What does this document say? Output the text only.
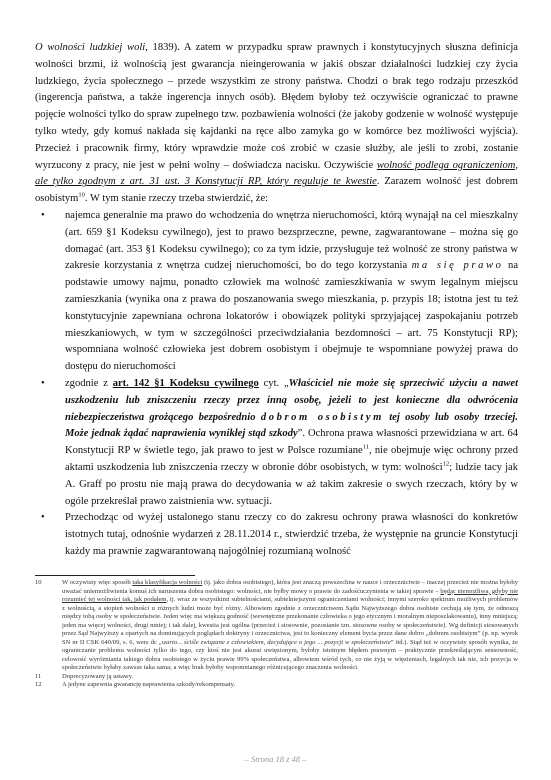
O wolności ludzkiej woli, 1839). A zatem w przypadku spraw prawnych i konstytucyjnych słuszna definicja wolności brzmi, iż wolnością jest gwarancja nieingerowania w jakiś obszar działalności ludzkiej czy życia ludzkiego, życia społecznego – przede wszystkim ze strony państwa. Chodzi o brak tego rodzaju przeszkód (ingerencja państwa, a także ingerencja innych osób). Błędem byłoby też oczywiście ograniczać to prawne pojęcie wolności tylko do spraw zupełnego tzw. pozbawienia wolności (że jakoby godzenie w wolność występuje tylko wtedy, gdy komuś nakłada się kajdanki na ręce albo zamyka go w komórce bez możliwości wyjścia). Przecież i pracownik firmy, który wprawdzie może coś zrobić w czasie służby, ale jeśli to zrobi, zostanie wyrzucony z pracy, nie jest w pełni wolny – doświadcza nacisku. Oczywiście wolność podlega ograniczeniom, ale tylko zgodnym z art. 31 ust. 3 Konstytucji RP, który reguluje te kwestie. Zarazem wolność jest dobrem osobistym$^{10}$. W tym stanie rzeczy trzeba stwierdzić, że:

• najemca generalnie ma prawo do wchodzenia do wnętrza nieruchomości, którą wynajął na cel mieszkalny (art. 659 §1 Kodeksu cywilnego), jest to prawo bezsprzeczne, pewne, zagwarantowane – można się go domagać (art. 353 §1 Kodeksu cywilnego); co za tym idzie, przysługuje też wolność ze strony państwa w zakresie korzystania z wnętrza cudzej nieruchomości, bo do tego korzystania ma się prawo na podstawie umowy najmu, ponadto człowiek ma wolność zamieszkiwania w swym legalnym miejscu zamieszkania (wynika ona z prawa do poszanowania swego mieszkania, p. przypis 18; istotna jest tu też konstytucyjnie zapewniana ochrona lokatorów i obowiązek polityki sprzyjającej zaspokajaniu potrzeb mieszkaniowych, w tym w szczególności przeciwdziałania bezdomności – art. 75 Konstytucji RP); wspomniana wolność człowieka jest dobrem osobistym i obejmuje te wspomniane powyżej prawa do dostępu do nieruchomości
• zgodnie z art. 142 §1 Kodeksu cywilnego cyt. „Właściciel nie może się sprzeciwić użyciu a nawet uszkodzeniu lub zniszczeniu rzeczy przez inną osobę, jeżeli to jest konieczne dla odwrócenia niebezpieczeństwa grożącego bezpośrednio dobrom osobistym tej osoby lub osoby trzeciej. Może jednak żądać naprawienia wynikłej stąd szkody”. Ochrona prawa własności przewidziana w art. 64 Konstytucji RP w świetle tego, jak prawo to jest w Polsce rozumiane$^{11}$, nie obejmuje więc ochrony przed aktami uszkodzenia lub zniszczenia rzeczy w obronie dóbr osobistych, w tym: wolności$^{12}$; ludzie tacy jak A. Graff po prostu nie mają prawa do decydowania w aż takim zakresie o swych rzeczach, który by w ogóle przekreślał prawo zaistnienia ww. sytuacji.
• Przechodząc od wyżej ustalonego stanu rzeczy co do zakresu ochrony prawa własności do konkretów istotnych tutaj, odnośnie wydarzeń z 28.11.2014 r., stwierdzić trzeba, że występnie na gruncie Konstytucji każdy ma prawnie zagwarantowaną najogólniej rozumianą wolność
10	W oczywisty więc sposób taka klasyfikacja wolności (tj. jako dobra osobistego), która jest znaczą powszechna w nauce i orzecznictwie – inaczej przecież nie można byłoby uważać uniemożliwienia komuś ich naruszenia dobra osobistego: wolności, nie byłby mowy o prawie do zadośćuczynienia w takiej sprawie – będąc niemożliwa, gdyby nie rozumieć tej wolności tak, jak podałem, tj. wraz ze wszystkimi subtelnościami, subtelniejszymi ograniczeniami wolności; innymi szeroko spektrum możliwych problemów z wolnością, a stopień wolności u różnych ludzi może być różny. Albowiem zgodnie z orzecznictwem Sądu Najwyższego dobra osobiste cechują się tym, że odnoszą między tobą osoby w społeczeństwie. Jeden więc ma większą godność (wewnętrzne przekonanie człowieka o jego etycznym i moralnym nieposzlakowaniu), inny mniejszą; jeden ma więcej wolności, drugi mniej; i tak dalej, kwestia jest ogólna (przecież i stosownie, pozostanie tzn. stosowne osoby w społeczeństwie). Wg definicji stosowanych przez Sąd Najwyższy a opartych na dominujących poglądach doktryny i orzecznictwa, jest to konieczny element bycia przez dane dobro „dobrem osobistym” (p. np. wyrok SN nr II CSK 640/09, s. 6, wers dc „warto... ściśle związane z człowiekiem, decydujące o jego ... pozycji w społeczeństwie” itd.). Stąd też w oczywisty sposób wynika, że ograniczanie problemu wolności tylko do tego, czy ktoś nie jest akurat uwięzionym, byłoby istotnym błędem prawnym – praktycznie przekreślającym sensowność, celowość wyróżniania takiego dobra osobistego w życiu prawie 99% społeczeństwa, albowiem wśród tych, co nie żyją w więzieniach, legalnych tak nie, ich pozycja w społeczeństwie byłaby zawsze taka sama; a więc brak byłoby wspomnianego różnicującego znaczenia wolności.
11	Doprecyzowany ją ustawy.
12	A jedyne zapewnia gwarancję naprawienia szkody/rekompensaty.
– Strona 18 z 48 –
